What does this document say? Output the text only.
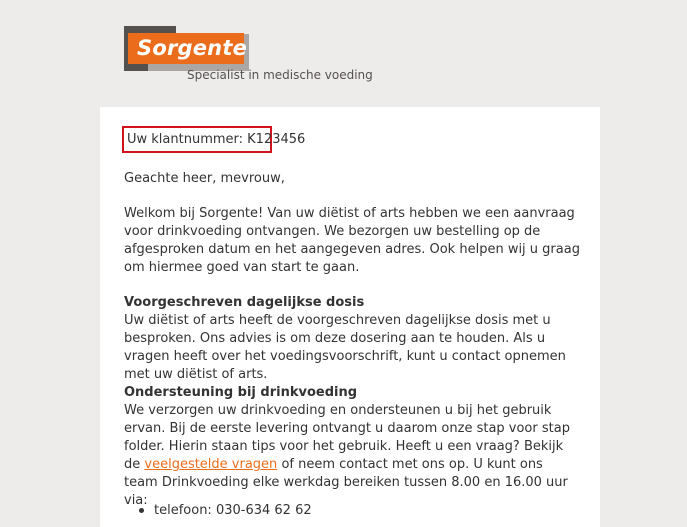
Sorgente
Specialist in medische voeding
Uw klantnummer: K123456

Geachte heer, mevrouw,

Welkom bij Sorgente! Van uw diëtist of arts hebben we een aanvraag voor drinkvoeding ontvangen. We bezorgen uw bestelling op de afgesproken datum en het aangegeven adres. Ook helpen wij u graag om hiermee goed van start te gaan.

Voorgeschreven dagelijkse dosis

Uw diëtist of arts heeft de voorgeschreven dagelijkse dosis met u besproken. Ons advies is om deze dosering aan te houden. Als u vragen heeft over het voedingsvoorschrift, kunt u contact opnemen met uw diëtist of arts.

Ondersteuning bij drinkvoeding

We verzorgen uw drinkvoeding en ondersteunen u bij het gebruik ervan. Bij de eerste levering ontvangt u daarom onze stap voor stap folder. Hierin staan tips voor het gebruik. Heeft u een vraag? Bekijk de veelgestelde vragen of neem contact met ons op. U kunt ons team Drinkvoeding elke werkdag bereiken tussen 8.00 en 16.00 uur via:

telefoon: 030-634 62 62
